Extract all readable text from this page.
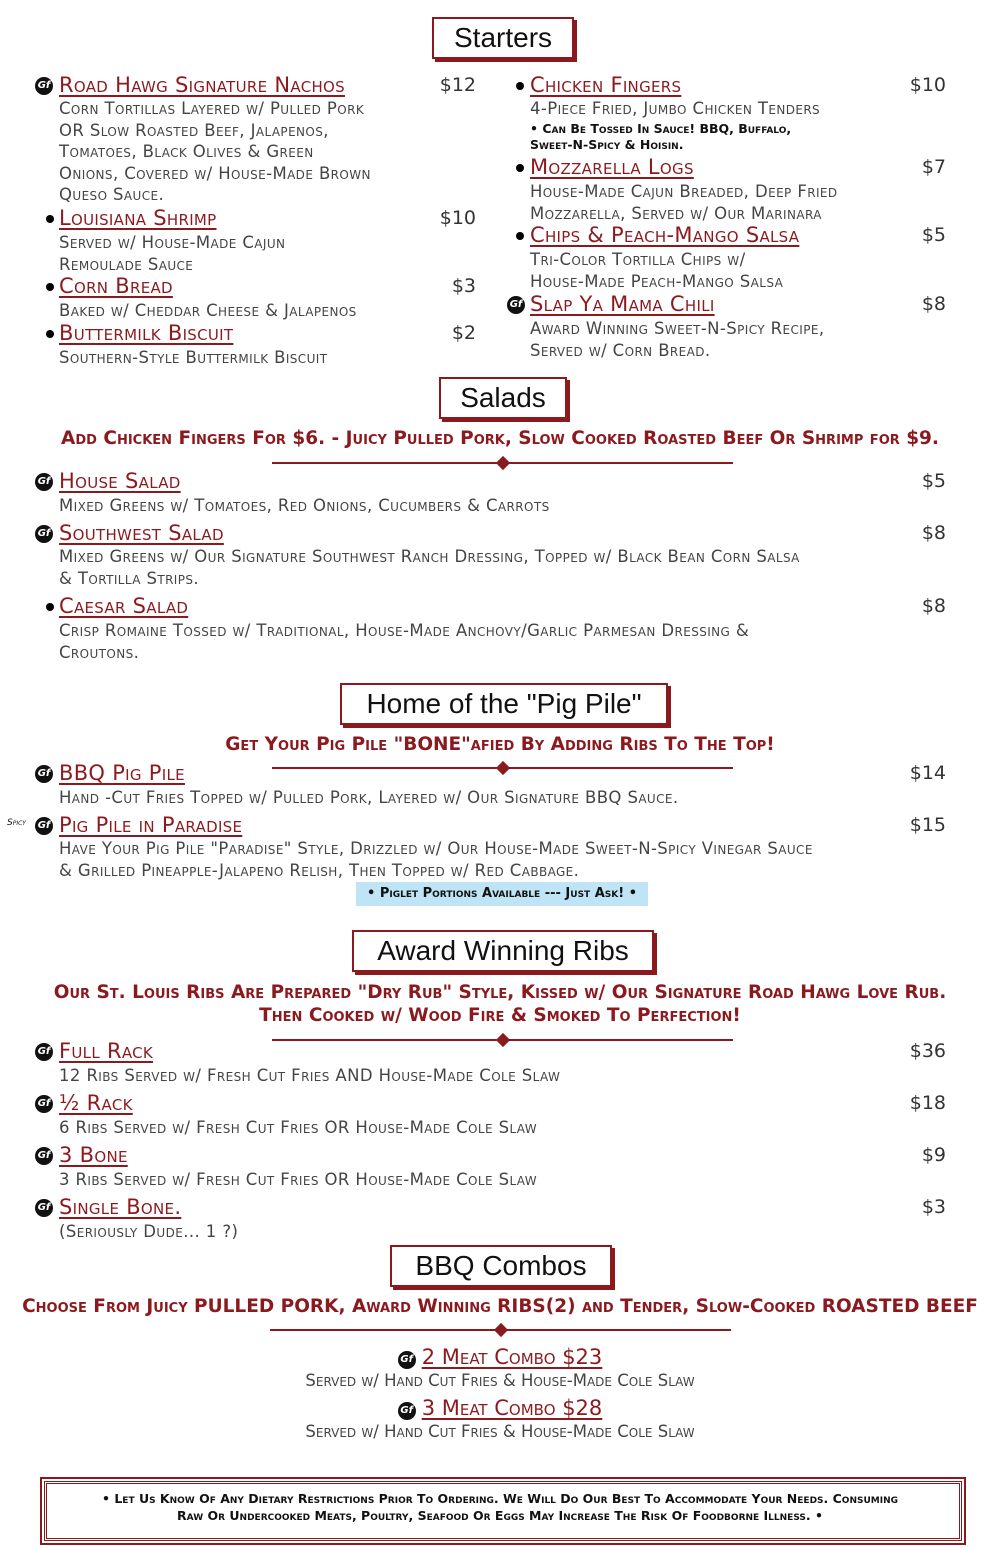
Starters
Gf Road Hawg Signature Nachos	$12
Corn Tortillas Layered w/ Pulled Pork
OR Slow Roasted Beef, Jalapenos,
Tomatoes, Black Olives & Green
Onions, Covered w/ House-Made Brown
Queso Sauce.
Louisiana Shrimp	$10
Served w/ House-Made Cajun
Remoulade Sauce
Corn Bread	$3
Baked w/ Cheddar Cheese & Jalapenos
Buttermilk Biscuit	$2
Southern-Style Buttermilk Biscuit
Chicken Fingers	$10
4-Piece Fried, Jumbo Chicken Tenders
• Can Be Tossed In Sauce! BBQ, Buffalo,
Sweet-N-Spicy & Hoisin.
Mozzarella Logs	$7
House-Made Cajun Breaded, Deep Fried
Mozzarella, Served w/ Our Marinara
Chips & Peach-Mango Salsa	$5
Tri-Color Tortilla Chips w/
House-Made Peach-Mango Salsa
Gf Slap Ya Mama Chili	$8
Award Winning Sweet-N-Spicy Recipe,
Served w/ Corn Bread.
Salads
Add Chicken Fingers For $6. - Juicy Pulled Pork, Slow Cooked Roasted Beef Or Shrimp for $9.
Gf House Salad	$5
Mixed Greens w/ Tomatoes, Red Onions, Cucumbers & Carrots
Gf Southwest Salad	$8
Mixed Greens w/ Our Signature Southwest Ranch Dressing, Topped w/ Black Bean Corn Salsa
& Tortilla Strips.
Caesar Salad	$8
Crisp Romaine Tossed w/ Traditional, House-Made Anchovy/Garlic Parmesan Dressing &
Croutons.
Home of the "Pig Pile"
Get Your Pig Pile "BONE"afied By Adding Ribs To The Top!
Gf BBQ Pig Pile	$14
Hand -Cut Fries Topped w/ Pulled Pork, Layered w/ Our Signature BBQ Sauce.
Spicy Gf Pig Pile in Paradise	$15
Have Your Pig Pile "Paradise" Style, Drizzled w/ Our House-Made Sweet-N-Spicy Vinegar Sauce
& Grilled Pineapple-Jalapeno Relish, Then Topped w/ Red Cabbage.
• Piglet Portions Available --- Just Ask! •
Award Winning Ribs
Our St. Louis Ribs Are Prepared "Dry Rub" Style, Kissed w/ Our Signature Road Hawg Love Rub.
Then Cooked w/ Wood Fire & Smoked To Perfection!
Gf Full Rack	$36
12 Ribs Served w/ Fresh Cut Fries AND House-Made Cole Slaw
Gf ½ Rack	$18
6 Ribs Served w/ Fresh Cut Fries OR House-Made Cole Slaw
Gf 3 Bone	$9
3 Ribs Served w/ Fresh Cut Fries OR House-Made Cole Slaw
Gf Single Bone.	$3
(Seriously Dude... 1 ?)
BBQ Combos
Choose From Juicy PULLED PORK, Award Winning RIBS(2) and Tender, Slow-Cooked ROASTED BEEF
Gf 2 Meat Combo $23
Served w/ Hand Cut Fries & House-Made Cole Slaw
Gf 3 Meat Combo $28
Served w/ Hand Cut Fries & House-Made Cole Slaw
• Let Us Know Of Any Dietary Restrictions Prior To Ordering. We Will Do Our Best To Accommodate Your Needs. Consuming
Raw Or Undercooked Meats, Poultry, Seafood Or Eggs May Increase The Risk Of Foodborne Illness. •
